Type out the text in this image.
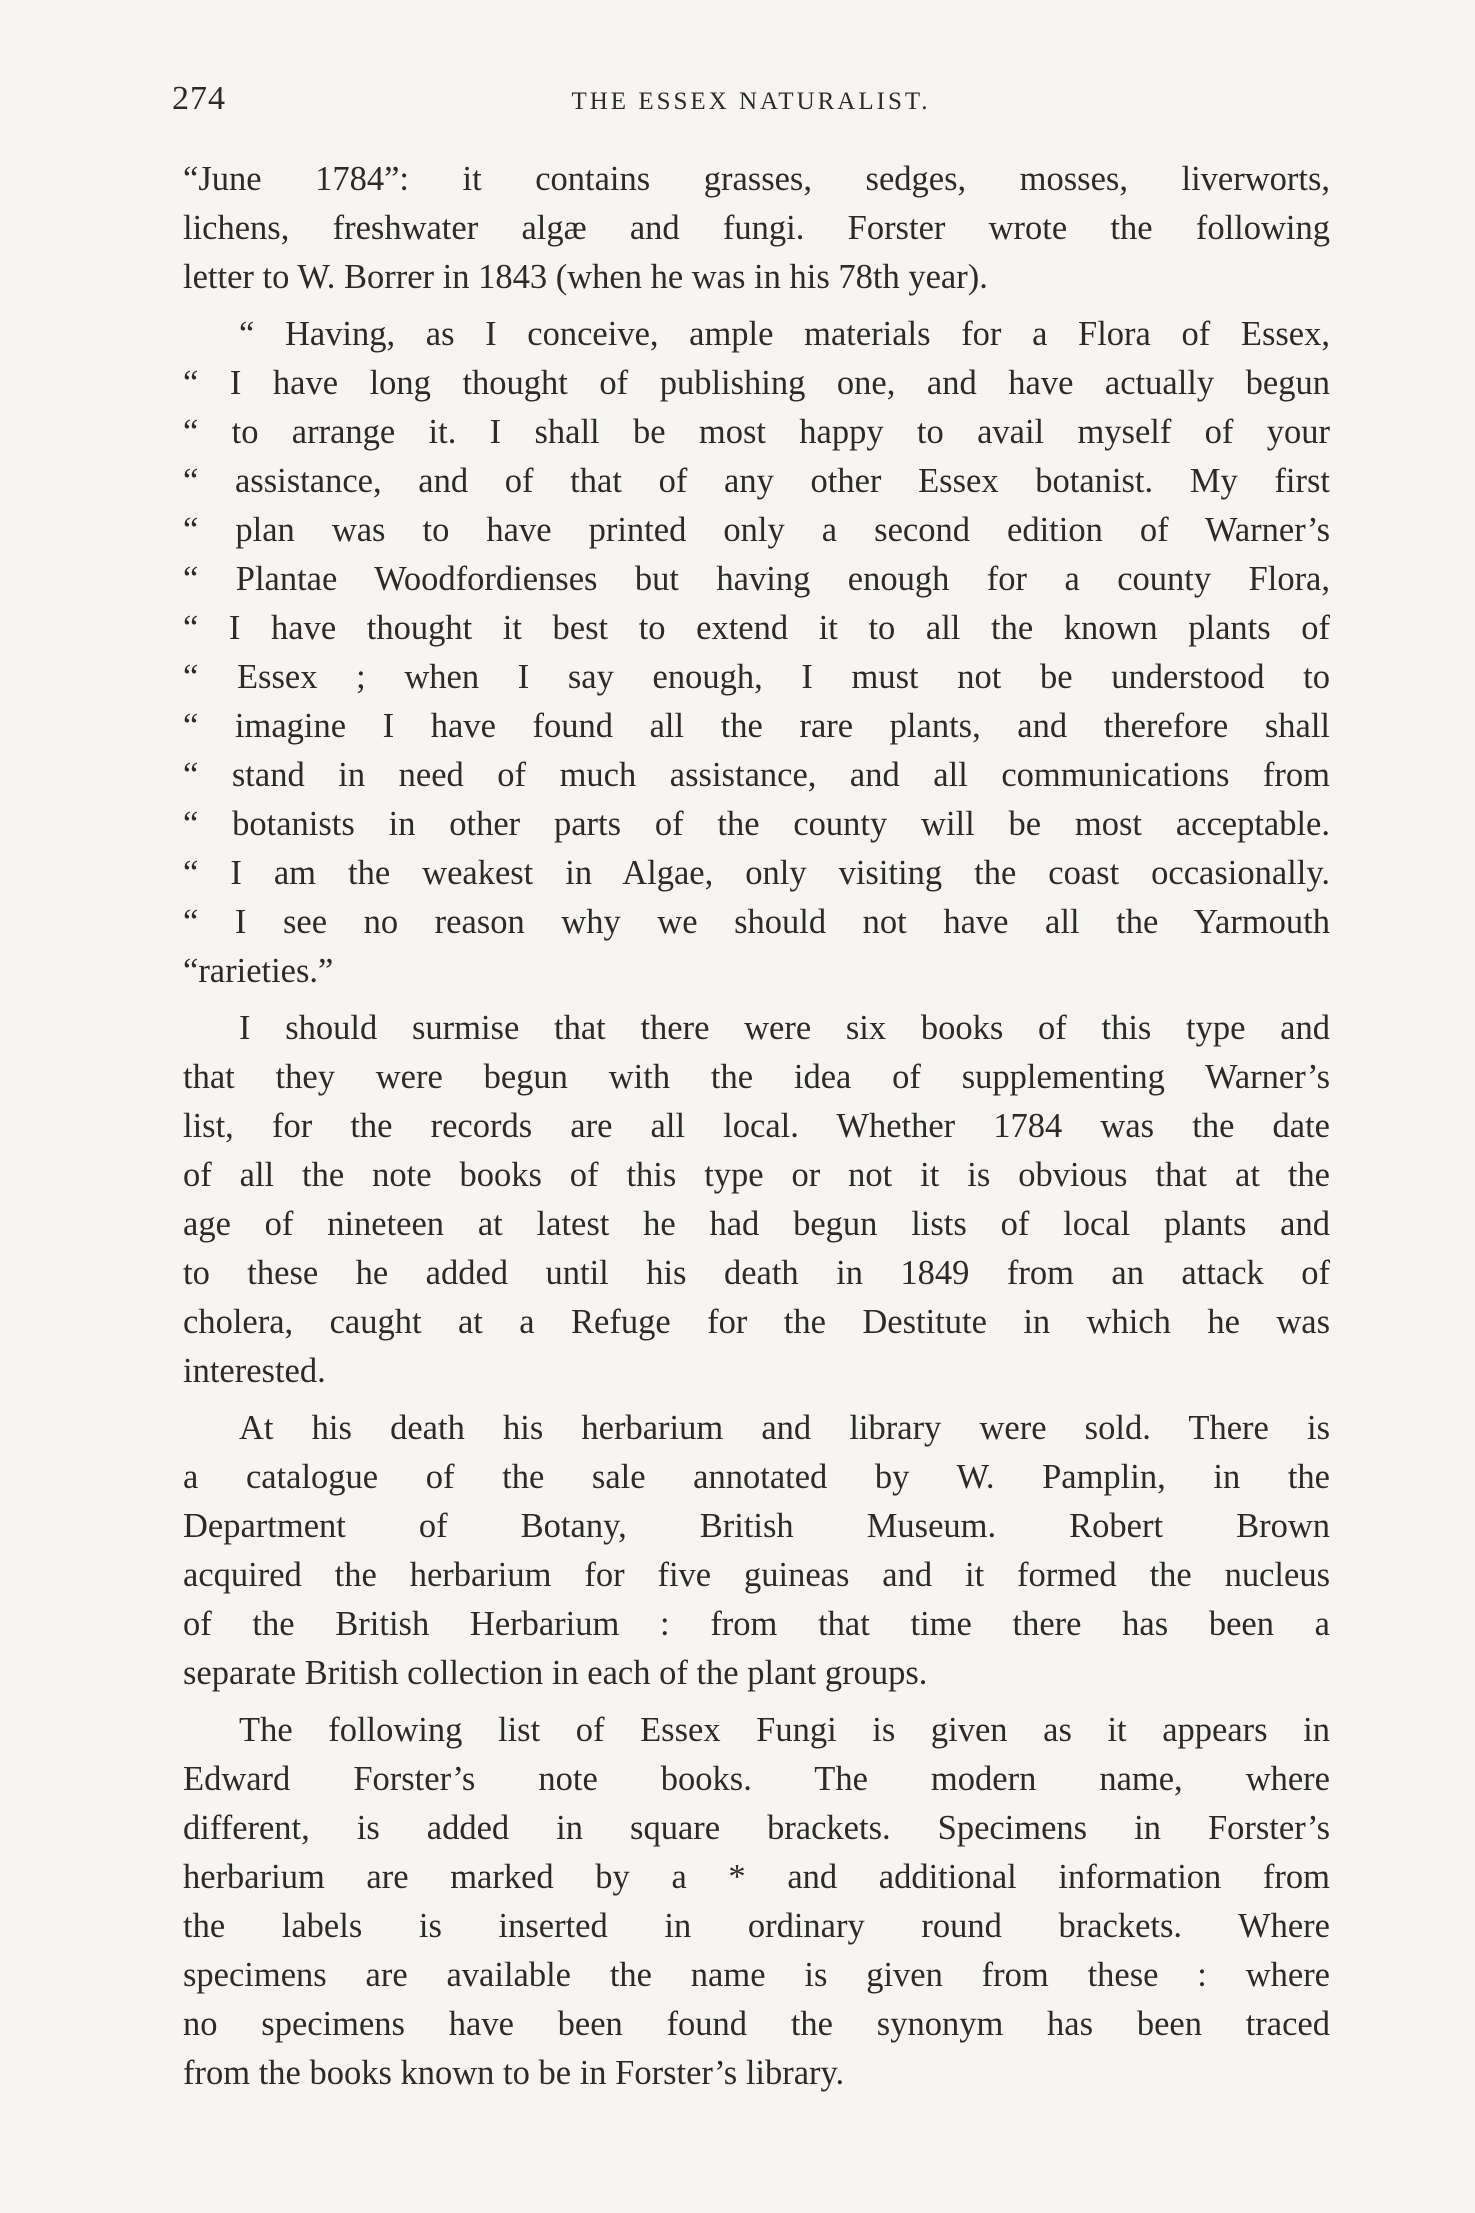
274	THE ESSEX NATURALIST.
“June 1784”: it contains grasses, sedges, mosses, liverworts,
lichens, freshwater algæ and fungi. Forster wrote the following
letter to W. Borrer in 1843 (when he was in his 78th year).
“ Having, as I conceive, ample materials for a Flora of Essex,
“ I have long thought of publishing one, and have actually begun
“ to arrange it. I shall be most happy to avail myself of your
“ assistance, and of that of any other Essex botanist. My first
“ plan was to have printed only a second edition of Warner’s
“ Plantae Woodfordienses but having enough for a county Flora,
“ I have thought it best to extend it to all the known plants of
“ Essex ; when I say enough, I must not be understood to
“ imagine I have found all the rare plants, and therefore shall
“ stand in need of much assistance, and all communications from
“ botanists in other parts of the county will be most acceptable.
“ I am the weakest in Algae, only visiting the coast occasionally.
“ I see no reason why we should not have all the Yarmouth
“rarieties.”
I should surmise that there were six books of this type and
that they were begun with the idea of supplementing Warner’s
list, for the records are all local. Whether 1784 was the date
of all the note books of this type or not it is obvious that at the
age of nineteen at latest he had begun lists of local plants and
to these he added until his death in 1849 from an attack of
cholera, caught at a Refuge for the Destitute in which he was
interested.
At his death his herbarium and library were sold. There is
a catalogue of the sale annotated by W. Pamplin, in the
Department of Botany, British Museum. Robert Brown
acquired the herbarium for five guineas and it formed the nucleus
of the British Herbarium : from that time there has been a
separate British collection in each of the plant groups.
The following list of Essex Fungi is given as it appears in
Edward Forster’s note books. The modern name, where
different, is added in square brackets. Specimens in Forster’s
herbarium are marked by a * and additional information from
the labels is inserted in ordinary round brackets. Where
specimens are available the name is given from these : where
no specimens have been found the synonym has been traced
from the books known to be in Forster’s library.
